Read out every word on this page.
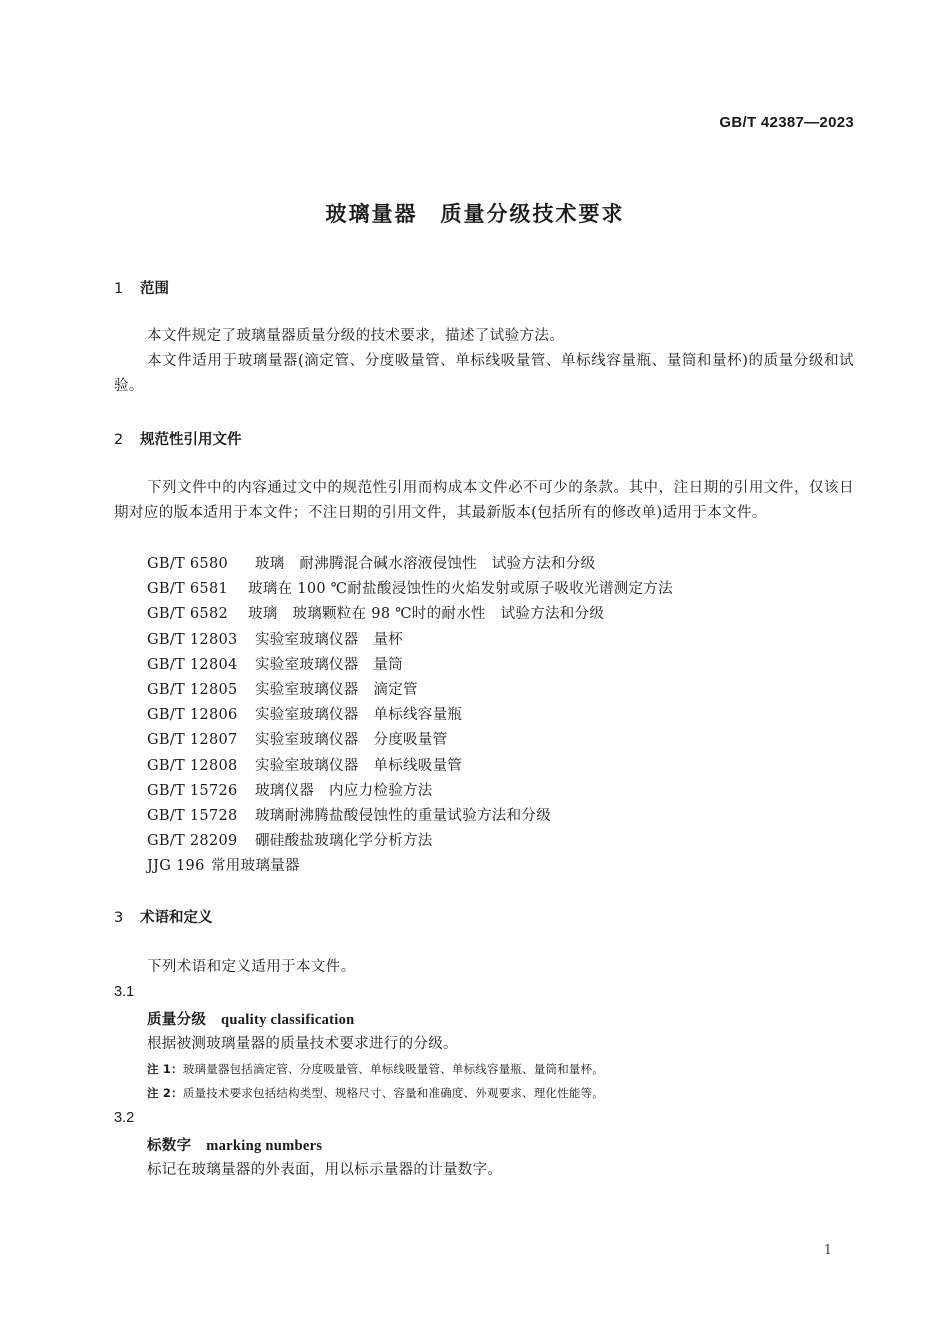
GB/T 42387—2023
玻璃量器　质量分级技术要求
1 范围

本文件规定了玻璃量器质量分级的技术要求，描述了试验方法。

本文件适用于玻璃量器(滴定管、分度吸量管、单标线吸量管、单标线容量瓶、量筒和量杯)的质量分级和试验。

2 规范性引用文件

下列文件中的内容通过文中的规范性引用而构成本文件必不可少的条款。其中，注日期的引用文件，仅该日期对应的版本适用于本文件；不注日期的引用文件，其最新版本(包括所有的修改单)适用于本文件。

GB/T 6580 玻璃　耐沸腾混合碱水溶液侵蚀性　试验方法和分级
GB/T 6581 玻璃在 100 ℃耐盐酸浸蚀性的火焰发射或原子吸收光谱测定方法
GB/T 6582 玻璃　玻璃颗粒在 98 ℃时的耐水性　试验方法和分级
GB/T 12803 实验室玻璃仪器　量杯
GB/T 12804 实验室玻璃仪器　量筒
GB/T 12805 实验室玻璃仪器　滴定管
GB/T 12806 实验室玻璃仪器　单标线容量瓶
GB/T 12807 实验室玻璃仪器　分度吸量管
GB/T 12808 实验室玻璃仪器　单标线吸量管
GB/T 15726 玻璃仪器　内应力检验方法
GB/T 15728 玻璃耐沸腾盐酸侵蚀性的重量试验方法和分级
GB/T 28209 硼硅酸盐玻璃化学分析方法
JJG 196 常用玻璃量器
3 术语和定义

下列术语和定义适用于本文件。

3.1
质量分级　 quality classification
根据被测玻璃量器的质量技术要求进行的分级。
注 1：玻璃量器包括滴定管、分度吸量管、单标线吸量管、单标线容量瓶、量筒和量杯。
注 2：质量技术要求包括结构类型、规格尺寸、容量和准确度、外观要求、理化性能等。
3.2
标数字　 marking numbers
标记在玻璃量器的外表面，用以标示量器的计量数字。
1
